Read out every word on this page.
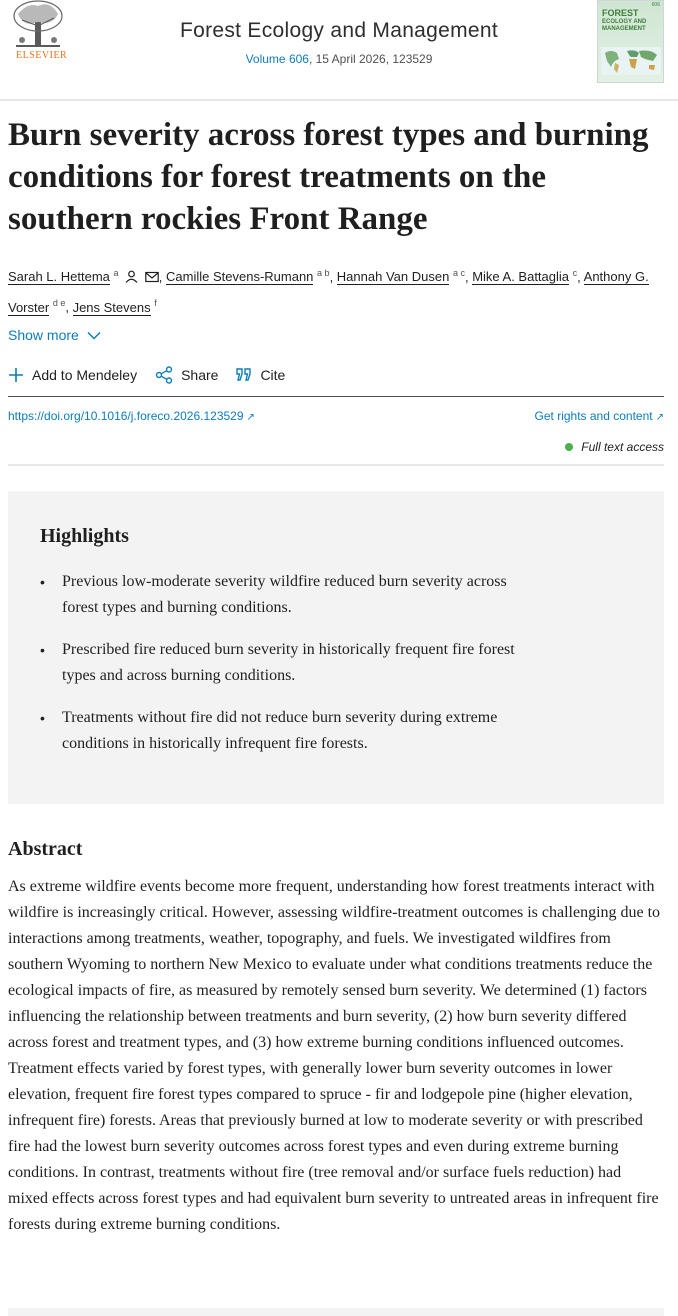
ELSEVIER
Forest Ecology and Management
Volume 606, 15 April 2026, 123529
606
FOREST
ECOLOGY AND MANAGEMENT
Burn severity across forest types and burning conditions for forest treatments on the southern rockies Front Range
Sarah L. Hettema $^a$	, Camille Stevens-Rumann $^{a b}$, Hannah Van Dusen $^{a c}$, Mike A. Battaglia $^c$, Anthony G. Vorster $^{d e}$, Jens Stevens $^f$
Show more
Add to Mendeley	Share	Cite
https://doi.org/10.1016/j.foreco.2026.123529 ↗	Get rights and content ↗
Full text access
Highlights
• Previous low-moderate severity wildfire reduced burn severity across forest types and burning conditions.
• Prescribed fire reduced burn severity in historically frequent fire forest types and across burning conditions.
• Treatments without fire did not reduce burn severity during extreme conditions in historically infrequent fire forests.
Abstract

As extreme wildfire events become more frequent, understanding how forest treatments interact with wildfire is increasingly critical. However, assessing wildfire-treatment outcomes is challenging due to interactions among treatments, weather, topography, and fuels. We investigated wildfires from southern Wyoming to northern New Mexico to evaluate under what conditions treatments reduce the ecological impacts of fire, as measured by remotely sensed burn severity. We determined (1) factors influencing the relationship between treatments and burn severity, (2) how burn severity differed across forest and treatment types, and (3) how extreme burning conditions influenced outcomes. Treatment effects varied by forest types, with generally lower burn severity outcomes in lower elevation, frequent fire forest types compared to spruce - fir and lodgepole pine (higher elevation, infrequent fire) forests. Areas that previously burned at low to moderate severity or with prescribed fire had the lowest burn severity outcomes across forest types and even during extreme burning conditions. In contrast, treatments without fire (tree removal and/or surface fuels reduction) had mixed effects across forest types and had equivalent burn severity to untreated areas in infrequent fire forests during extreme burning conditions.
